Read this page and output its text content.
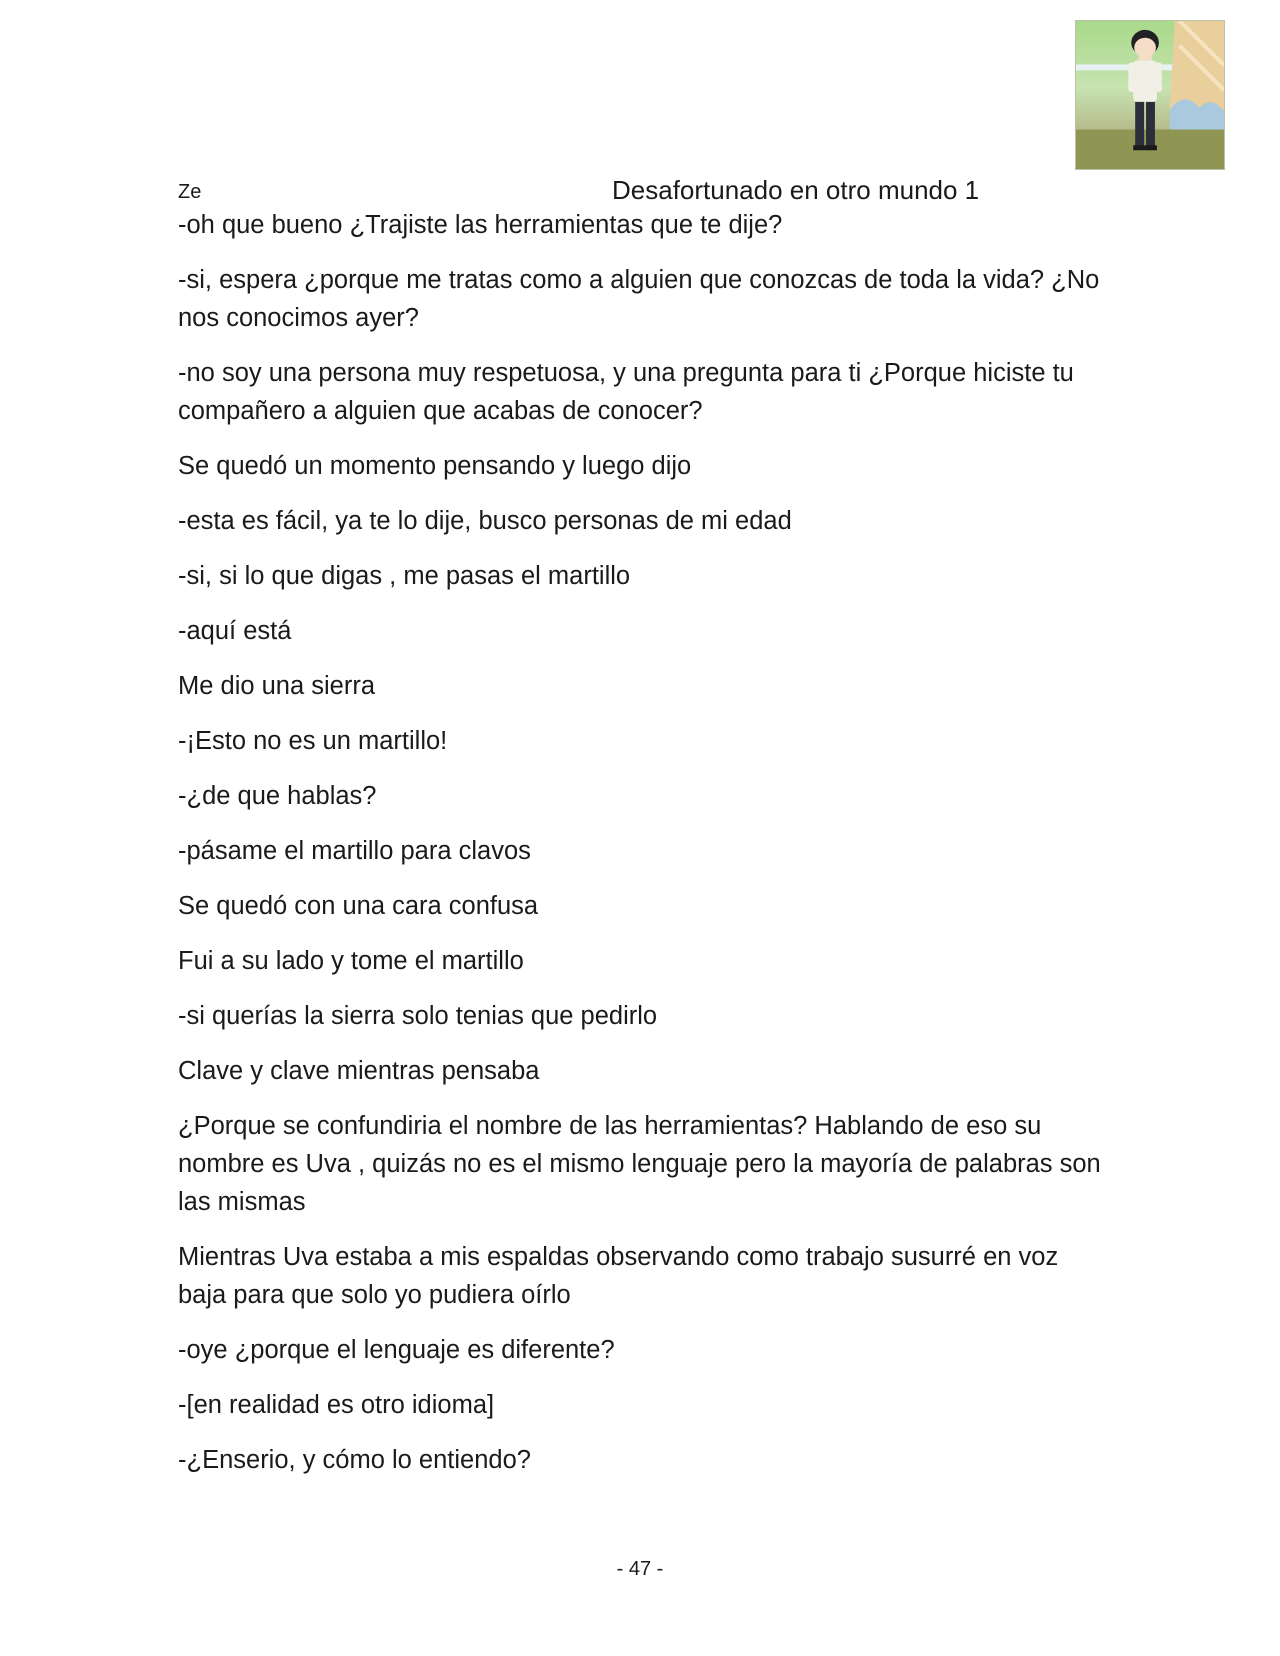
Ze	Desafortunado en otro mundo 1

-oh que bueno ¿Trajiste las herramientas que te dije?

-si, espera ¿porque me tratas como a alguien que conozcas de toda la vida? ¿No nos conocimos ayer?

-no soy una persona muy respetuosa, y una pregunta para ti ¿Porque hiciste tu compañero a alguien que acabas de conocer?

Se quedó un momento pensando y luego dijo

-esta es fácil, ya te lo dije, busco personas de mi edad

-si, si lo que digas , me pasas el martillo

-aquí está

Me dio una sierra

-¡Esto no es un martillo!

-¿de que hablas?

-pásame el martillo para clavos

Se quedó con una cara confusa

Fui a su lado y tome el martillo

-si querías la sierra solo tenias que pedirlo

Clave y clave mientras pensaba

¿Porque se confundiria el nombre de las herramientas? Hablando de eso su nombre es Uva , quizás no es el mismo lenguaje pero la mayoría de palabras son las mismas

Mientras Uva estaba a mis espaldas observando como trabajo susurré en voz baja para que solo yo pudiera oírlo

-oye ¿porque el lenguaje es diferente?

-[en realidad es otro idioma]

-¿Enserio, y cómo lo entiendo?

- 47 -
